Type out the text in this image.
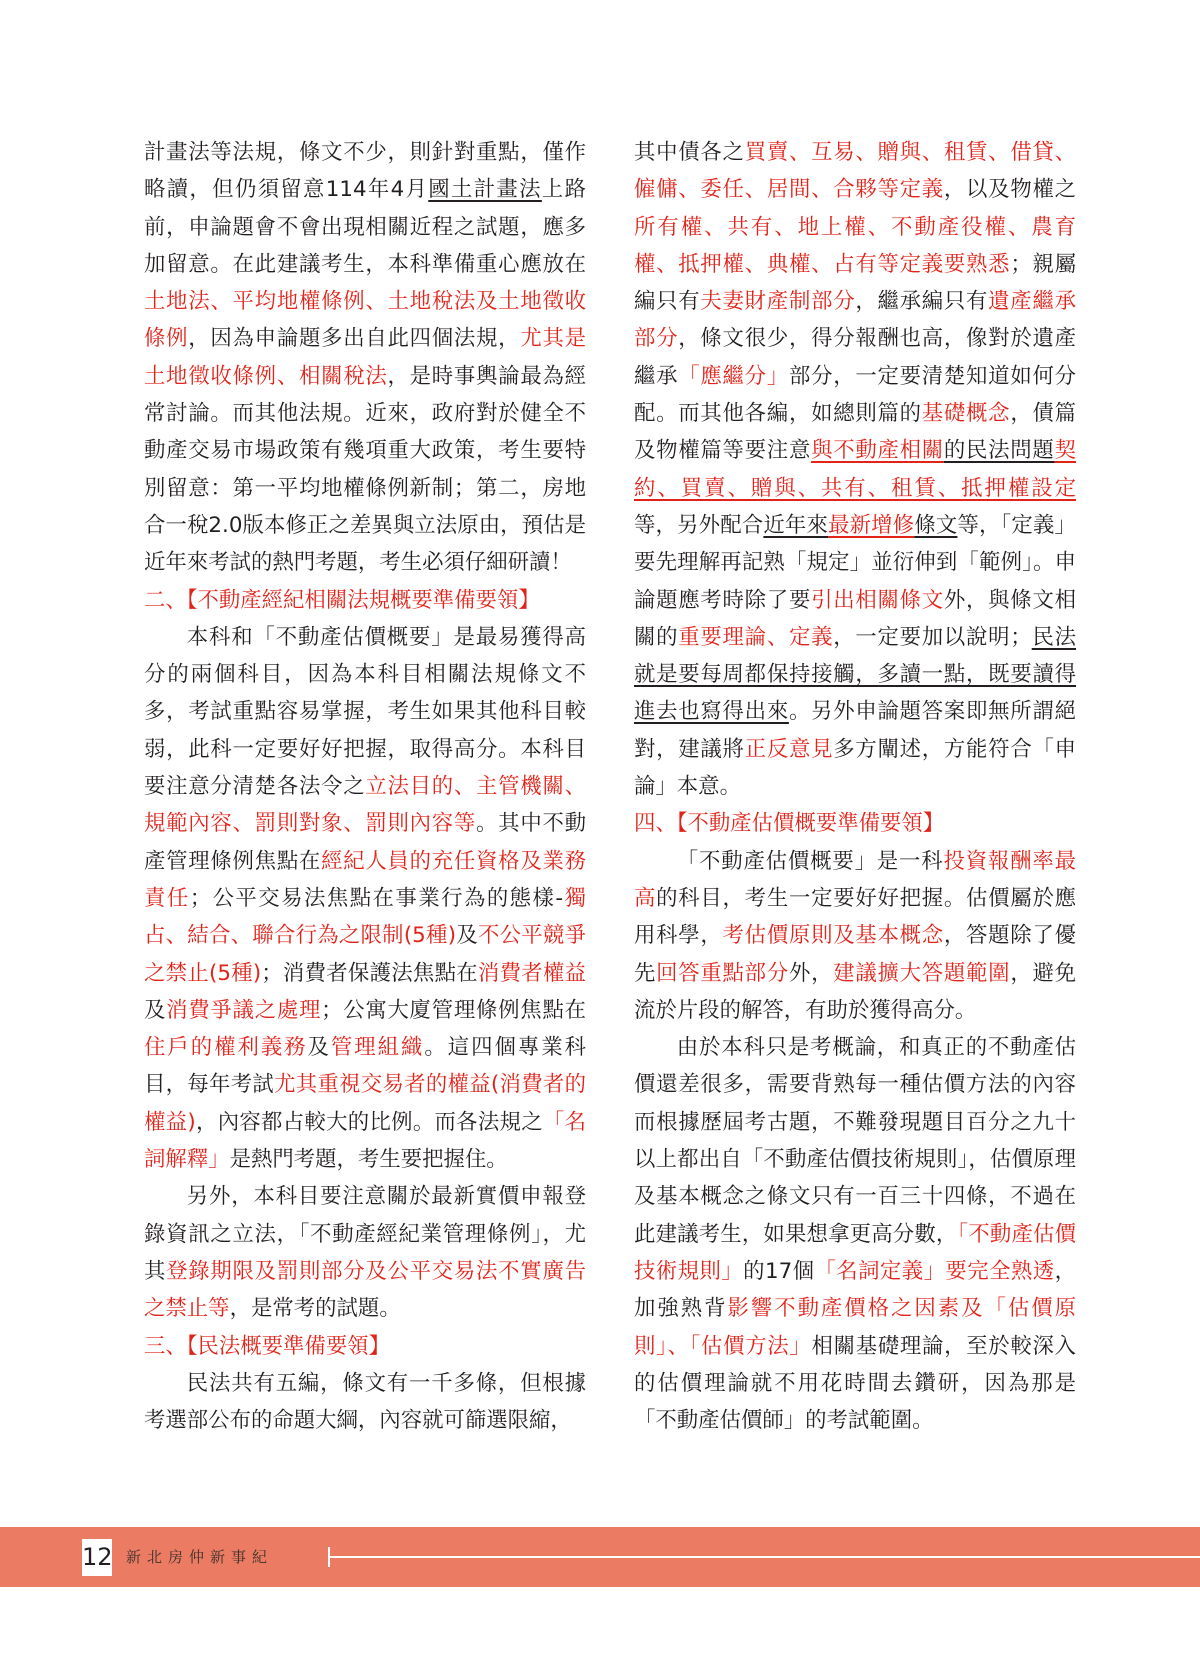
計畫法等法規，條文不少，則針對重點，僅作略讀，但仍須留意114年4月國土計畫法上路前，申論題會不會出現相關近程之試題，應多加留意。在此建議考生，本科準備重心應放在土地法、平均地權條例、土地稅法及土地徵收條例，因為申論題多出自此四個法規，尤其是土地徵收條例、相關稅法，是時事輿論最為經常討論。而其他法規。近來，政府對於健全不動產交易市場政策有幾項重大政策，考生要特別留意：第一平均地權條例新制；第二，房地合一稅2.0版本修正之差異與立法原由，預估是近年來考試的熱門考題，考生必須仔細研讀！

二、【不動產經紀相關法規概要準備要領】

本科和「不動產估價概要」是最易獲得高分的兩個科目，因為本科目相關法規條文不多，考試重點容易掌握，考生如果其他科目較弱，此科一定要好好把握，取得高分。本科目要注意分清楚各法令之立法目的、主管機關、規範內容、罰則對象、罰則內容等。其中不動產管理條例焦點在經紀人員的充任資格及業務責任；公平交易法焦點在事業行為的態樣-獨占、結合、聯合行為之限制(5種)及不公平競爭之禁止(5種)；消費者保護法焦點在消費者權益及消費爭議之處理；公寓大廈管理條例焦點在住戶的權利義務及管理組織。這四個專業科目，每年考試尤其重視交易者的權益(消費者的權益)，內容都占較大的比例。而各法規之「名詞解釋」是熱門考題，考生要把握住。

另外，本科目要注意關於最新實價申報登錄資訊之立法，「不動產經紀業管理條例」，尤其登錄期限及罰則部分及公平交易法不實廣告之禁止等，是常考的試題。

三、【民法概要準備要領】

民法共有五編，條文有一千多條，但根據考選部公布的命題大綱，內容就可篩選限縮，

其中債各之買賣、互易、贈與、租賃、借貸、僱傭、委任、居間、合夥等定義，以及物權之所有權、共有、地上權、不動產役權、農育權、抵押權、典權、占有等定義要熟悉；親屬編只有夫妻財產制部分，繼承編只有遺產繼承部分，條文很少，得分報酬也高，像對於遺產繼承「應繼分」部分，一定要清楚知道如何分配。而其他各編，如總則篇的基礎概念，債篇及物權篇等要注意與不動產相關的民法問題契約、買賣、贈與、共有、租賃、抵押權設定等，另外配合近年來最新增修條文等，「定義」要先理解再記熟「規定」並衍伸到「範例」。申論題應考時除了要引出相關條文外，與條文相關的重要理論、定義，一定要加以說明；民法就是要每周都保持接觸，多讀一點，既要讀得進去也寫得出來。另外申論題答案即無所謂絕對，建議將正反意見多方闡述，方能符合「申論」本意。

四、【不動產估價概要準備要領】

「不動產估價概要」是一科投資報酬率最高的科目，考生一定要好好把握。估價屬於應用科學，考估價原則及基本概念，答題除了優先回答重點部分外，建議擴大答題範圍，避免流於片段的解答，有助於獲得高分。

由於本科只是考概論，和真正的不動產估價還差很多，需要背熟每一種估價方法的內容而根據歷屆考古題，不難發現題目百分之九十以上都出自「不動產估價技術規則」，估價原理及基本概念之條文只有一百三十四條，不過在此建議考生，如果想拿更高分數，「不動產估價技術規則」的17個「名詞定義」要完全熟透，加強熟背影響不動產價格之因素及「估價原則」、「估價方法」相關基礎理論，至於較深入的估價理論就不用花時間去鑽研，因為那是「不動產估價師」的考試範圍。

12 新北房仲新事紀
